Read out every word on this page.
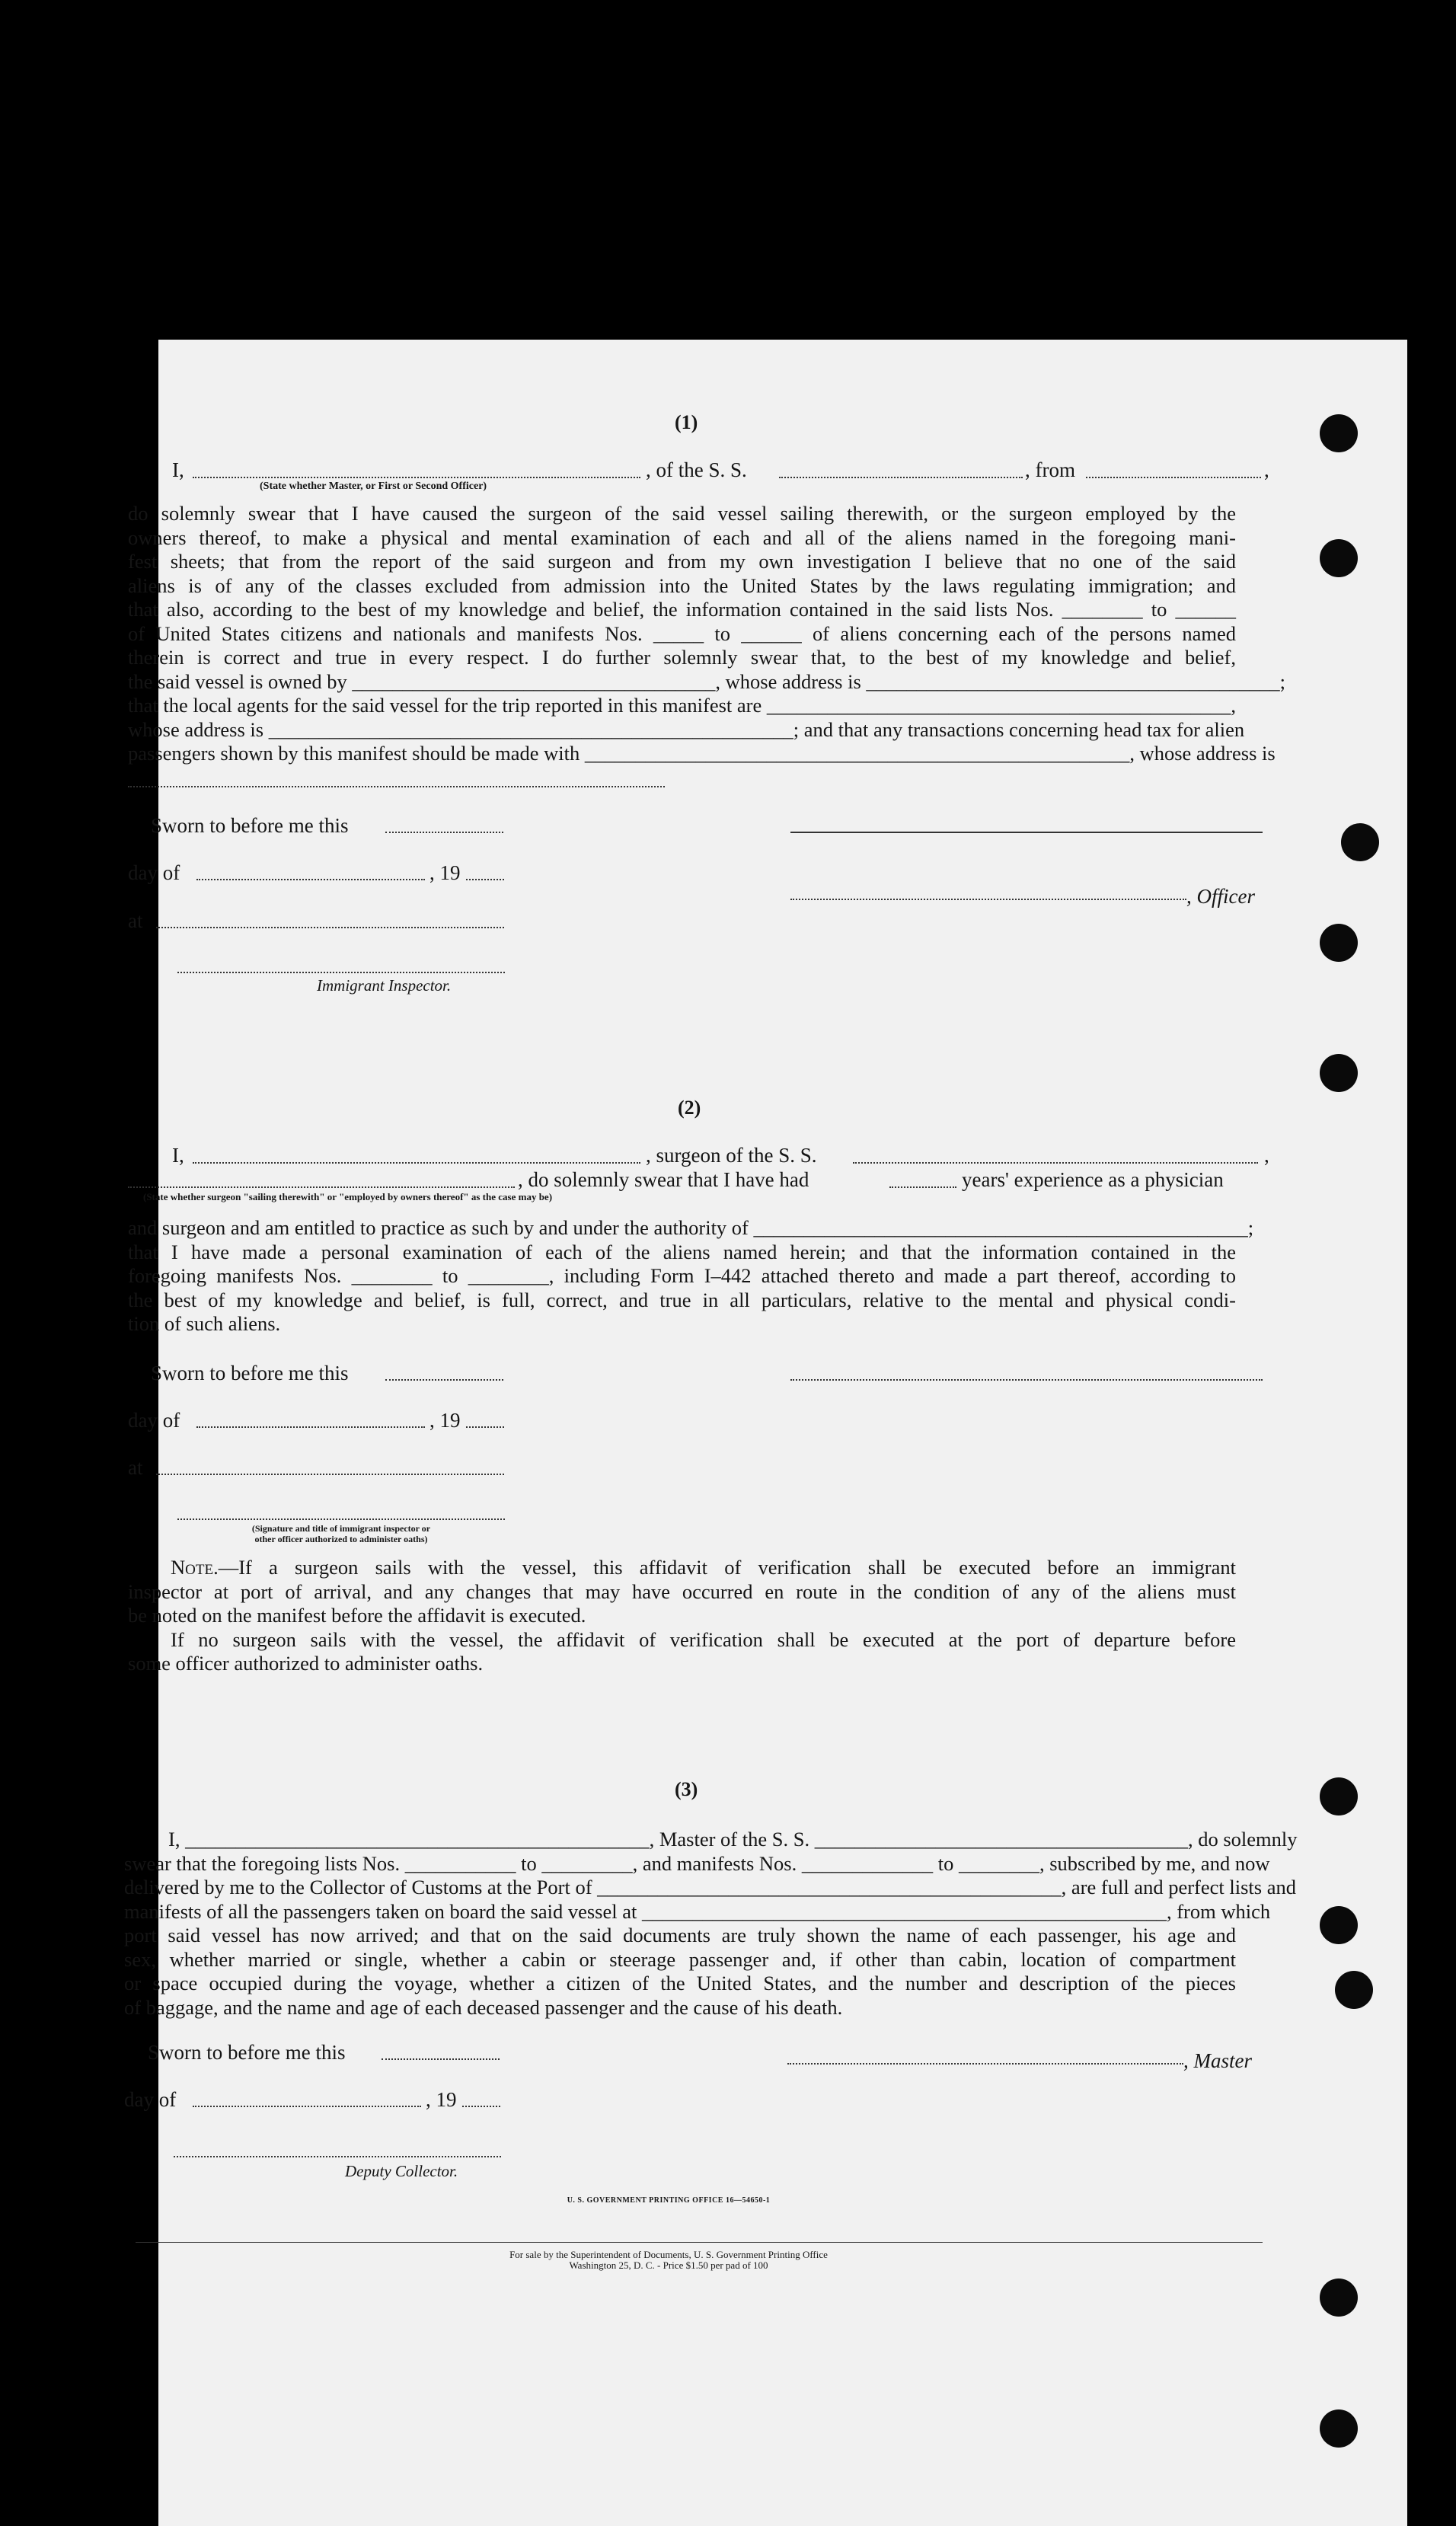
(1)
I,	, of the S. S.	, from	,
(State whether Master, or First or Second Officer)
do solemnly swear that I have caused the surgeon of the said vessel sailing therewith, or the surgeon employed by the
owners thereof, to make a physical and mental examination of each and all of the aliens named in the foregoing mani-
fest sheets; that from the report of the said surgeon and from my own investigation I believe that no one of the said
aliens is of any of the classes excluded from admission into the United States by the laws regulating immigration; and
that also, according to the best of my knowledge and belief, the information contained in the said lists Nos. ________ to ______
of United States citizens and nationals and manifests Nos. _____ to ______ of aliens concerning each of the persons named
therein is correct and true in every respect. I do further solemnly swear that, to the best of my knowledge and belief,
the said vessel is owned by ____________________________________, whose address is _________________________________________;
that the local agents for the said vessel for the trip reported in this manifest are ______________________________________________,
whose address is ____________________________________________________; and that any transactions concerning head tax for alien
passengers shown by this manifest should be made with ______________________________________________________, whose address is
Sworn to before me this
day of	, 19
, Officer
at
Immigrant Inspector.
(2)
I,	, surgeon of the S. S.	,
, do solemnly swear that I have had	years' experience as a physician
(State whether surgeon "sailing therewith" or "employed by owners thereof" as the case may be)
and surgeon and am entitled to practice as such by and under the authority of _________________________________________________;
that I have made a personal examination of each of the aliens named herein; and that the information contained in the
foregoing manifests Nos. ________ to ________, including Form I–442 attached thereto and made a part thereof, according to
the best of my knowledge and belief, is full, correct, and true in all particulars, relative to the mental and physical condi-
tion of such aliens.
Sworn to before me this
day of	, 19
at
(Signature and title of immigrant inspector or
other officer authorized to administer oaths)
Note.—If a surgeon sails with the vessel, this affidavit of verification shall be executed before an immigrant
inspector at port of arrival, and any changes that may have occurred en route in the condition of any of the aliens must
be noted on the manifest before the affidavit is executed.
If no surgeon sails with the vessel, the affidavit of verification shall be executed at the port of departure before
some officer authorized to administer oaths.
(3)
I, ______________________________________________, Master of the S. S. _____________________________________, do solemnly
swear that the foregoing lists Nos. ___________ to _________, and manifests Nos. _____________ to ________, subscribed by me, and now
delivered by me to the Collector of Customs at the Port of ______________________________________________, are full and perfect lists and
manifests of all the passengers taken on board the said vessel at ____________________________________________________, from which
port said vessel has now arrived; and that on the said documents are truly shown the name of each passenger, his age and
sex, whether married or single, whether a cabin or steerage passenger and, if other than cabin, location of compartment
or space occupied during the voyage, whether a citizen of the United States, and the number and description of the pieces
of baggage, and the name and age of each deceased passenger and the cause of his death.
Sworn to before me this	, Master
day of	, 19
Deputy Collector.
U. S. GOVERNMENT PRINTING OFFICE 16—54650-1
For sale by the Superintendent of Documents, U. S. Government Printing Office
Washington 25, D. C. - Price $1.50 per pad of 100
